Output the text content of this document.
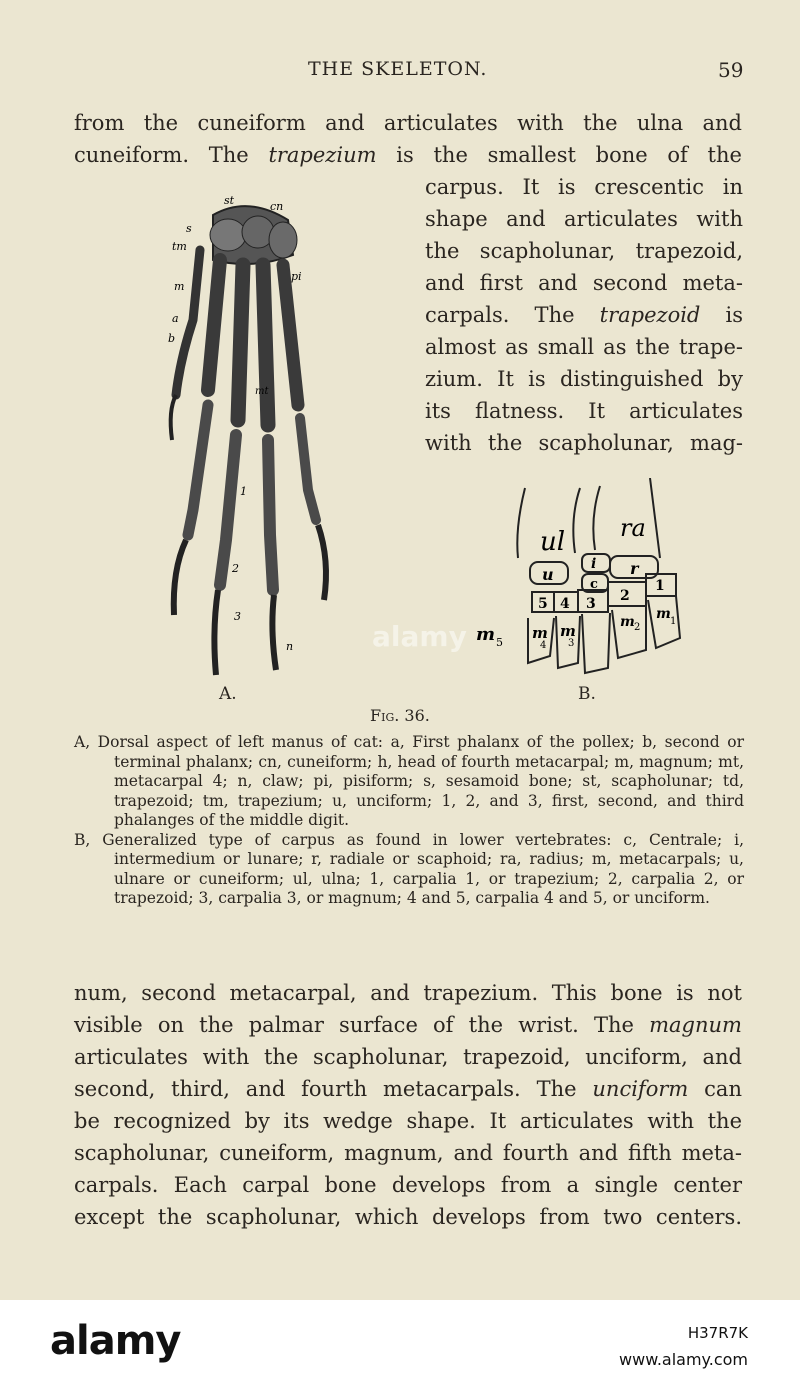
THE SKELETON.	59
from the cuneiform and articulates with the ulna and
cuneiform. The trapezium is the smallest bone of the
carpus. It is crescentic in
shape and articulates with
the scapholunar, trapezoid,
and first and second meta-
carpals. The trapezoid is
almost as small as the trape-
zium. It is distinguished by
its flatness. It articulates
with the scapholunar, mag-
st	cn
s
tm
m
a
b
pi
mt
1
2
3
n
A.
ul ra
i r
u
c
5 4 3 2
1
m
4
m
3
m 2
m 1
m 5
B.
alamy
Fig. 36.

A, Dorsal aspect of left manus of cat: a, First phalanx of the pollex; b, second or terminal phalanx; cn, cuneiform; h, head of fourth metacarpal; m, magnum; mt, metacarpal 4; n, claw; pi, pisiform; s, sesamoid bone; st, scapholunar; td, trapezoid; tm, trapezium; u, unciform; 1, 2, and 3, first, second, and third phalanges of the middle digit.

B, Generalized type of carpus as found in lower vertebrates: c, Centrale; i, intermedium or lunare; r, radiale or scaphoid; ra, radius; m, metacarpals; u, ulnare or cuneiform; ul, ulna; 1, carpalia 1, or trapezium; 2, carpalia 2, or trapezoid; 3, carpalia 3, or magnum; 4 and 5, carpalia 4 and 5, or unciform.

num, second metacarpal, and trapezium. This bone is not
visible on the palmar surface of the wrist. The magnum
articulates with the scapholunar, trapezoid, unciform, and
second, third, and fourth metacarpals. The unciform can
be recognized by its wedge shape. It articulates with the
scapholunar, cuneiform, magnum, and fourth and fifth meta-
carpals. Each carpal bone develops from a single center
except the scapholunar, which develops from two centers.
alamy	H37R7K
www.alamy.com
